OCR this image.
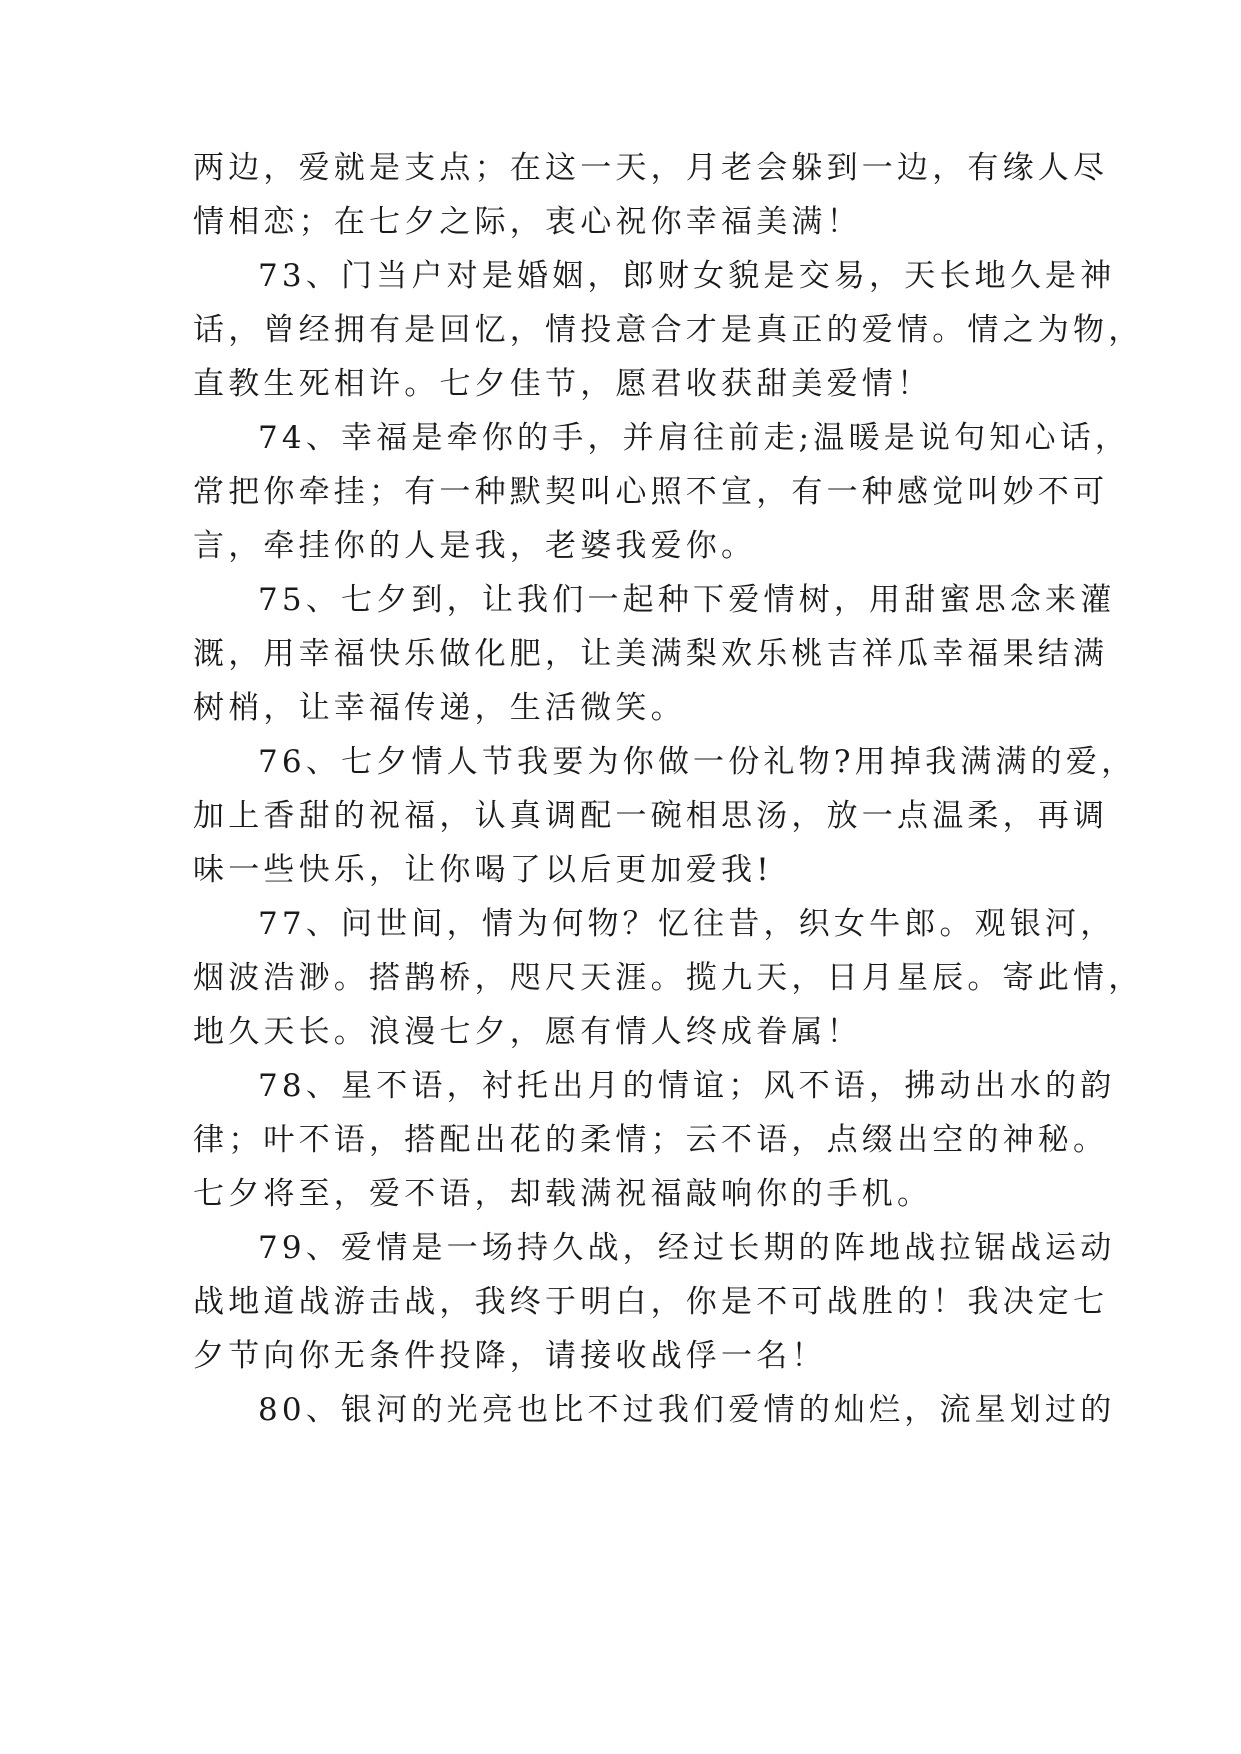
两边，爱就是支点；在这一天，月老会躲到一边，有缘人尽
情相恋；在七夕之际，衷心祝你幸福美满！
73、门当户对是婚姻，郎财女貌是交易，天长地久是神
话，曾经拥有是回忆，情投意合才是真正的爱情。情之为物，
直教生死相许。七夕佳节，愿君收获甜美爱情！
74、幸福是牵你的手，并肩往前走;温暖是说句知心话，
常把你牵挂；有一种默契叫心照不宣，有一种感觉叫妙不可
言，牵挂你的人是我，老婆我爱你。
75、七夕到，让我们一起种下爱情树，用甜蜜思念来灌
溉，用幸福快乐做化肥，让美满梨欢乐桃吉祥瓜幸福果结满
树梢，让幸福传递，生活微笑。
76、七夕情人节我要为你做一份礼物?用掉我满满的爱，
加上香甜的祝福，认真调配一碗相思汤，放一点温柔，再调
味一些快乐，让你喝了以后更加爱我!
77、问世间，情为何物？忆往昔，织女牛郎。观银河，
烟波浩渺。搭鹊桥，咫尺天涯。揽九天，日月星辰。寄此情，
地久天长。浪漫七夕，愿有情人终成眷属！
78、星不语，衬托出月的情谊；风不语，拂动出水的韵
律；叶不语，搭配出花的柔情；云不语，点缀出空的神秘。
七夕将至，爱不语，却载满祝福敲响你的手机。
79、爱情是一场持久战，经过长期的阵地战拉锯战运动
战地道战游击战，我终于明白，你是不可战胜的！我决定七
夕节向你无条件投降，请接收战俘一名！
80、银河的光亮也比不过我们爱情的灿烂，流星划过的
